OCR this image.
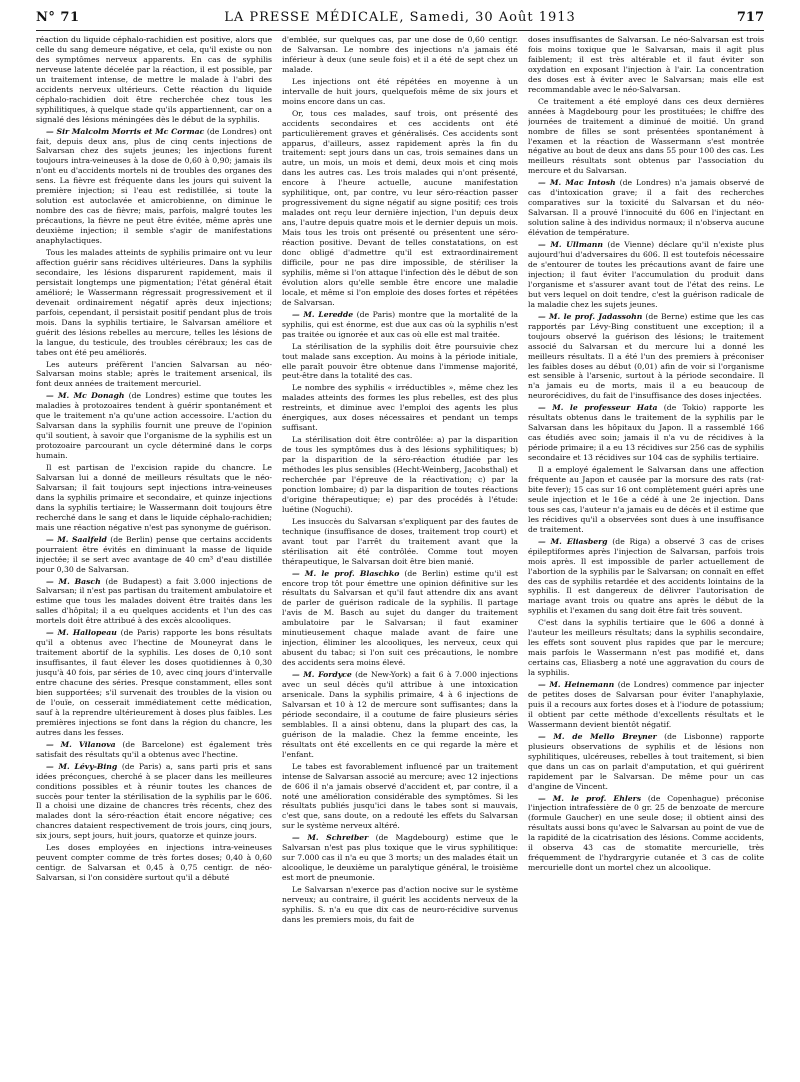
N° 71	LA PRESSE MÉDICALE, Samedi, 30 Août 1913	717

réaction du liquide céphalo-rachidien est positive, alors que celle du sang demeure négative, et cela, qu'il existe ou non des symptômes nerveux apparents. En cas de syphilis nerveuse latente décelée par la réaction, il est possible, par un traitement intense, de mettre le malade à l'abri des accidents nerveux ultérieurs. Cette réaction du liquide céphalo-rachidien doit être recherchée chez tous les syphilitiques, à quelque stade qu'ils appartiennent, car on a signalé des lésions méningées dès le début de la syphilis.

— Sir Malcolm Morris et Mc Cormac (de Londres) ont fait, depuis deux ans, plus de cinq cents injections de Salvarsan chez des sujets jeunes; les injections furent toujours intra-veineuses à la dose de 0,60 à 0,90; jamais ils n'ont eu d'accidents mortels ni de troubles des organes des sens. La fièvre est fréquente dans les jours qui suivent la première injection; si l'eau est redistillée, si toute la solution est autoclavée et amicrobienne, on diminue le nombre des cas de fièvre; mais, parfois, malgré toutes les précautions, la fièvre ne peut être évitée, même après une deuxième injection; il semble s'agir de manifestations anaphylactiques.

Tous les malades atteints de syphilis primaire ont vu leur affection guérir sans récidives ultérieures. Dans la syphilis secondaire, les lésions disparurent rapidement, mais il persistait longtemps une pigmentation; l'état général était amélioré; le Wassermann régressait progressivement et il devenait ordinairement négatif après deux injections; parfois, cependant, il persistait positif pendant plus de trois mois. Dans la syphilis tertiaire, le Salvarsan améliore et guérit des lésions rebelles au mercure, telles les lésions de la langue, du testicule, des troubles cérébraux; les cas de tabes ont été peu améliorés.

Les auteurs préfèrent l'ancien Salvarsan au néo-Salvarsan moins stable; après le traitement arsenical, ils font deux années de traitement mercuriel.

— M. Mc Donagh (de Londres) estime que toutes les maladies à protozoaires tendent à guérir spontanément et que le traitement n'a qu'une action accessoire. L'action du Salvarsan dans la syphilis fournit une preuve de l'opinion qu'il soutient, à savoir que l'organisme de la syphilis est un protozoaire parcourant un cycle déterminé dans le corps humain.

Il est partisan de l'excision rapide du chancre. Le Salvarsan lui a donné de meilleurs résultats que le néo-Salvarsan; il fait toujours sept injections intra-veineuses dans la syphilis primaire et secondaire, et quinze injections dans la syphilis tertiaire; le Wassermann doit toujours être recherché dans le sang et dans le liquide céphalo-rachidien; mais une réaction négative n'est pas synonyme de guérison.

— M. Saalfeld (de Berlin) pense que certains accidents pourraient être évités en diminuant la masse de liquide injectée; il se sert avec avantage de 40 cm³ d'eau distillée pour 0,30 de Salvarsan.

— M. Basch (de Budapest) a fait 3.000 injections de Salvarsan; il n'est pas partisan du traitement ambulatoire et estime que tous les malades doivent être traités dans les salles d'hôpital; il a eu quelques accidents et l'un des cas mortels doit être attribué à des excès alcooliques.

— M. Hallopeau (de Paris) rapporte les bons résultats qu'il a obtenus avec l'hectine de Mouneyrat dans le traitement abortif de la syphilis. Les doses de 0,10 sont insuffisantes, il faut élever les doses quotidiennes à 0,30 jusqu'à 40 fois, par séries de 10, avec cinq jours d'intervalle entre chacune des séries. Presque constamment, elles sont bien supportées; s'il survenait des troubles de la vision ou de l'ouïe, on cesserait immédiatement cette médication, sauf à la reprendre ultérieurement à doses plus faibles. Les premières injections se font dans la région du chancre, les autres dans les fesses.

— M. Vilanova (de Barcelone) est également très satisfait des résultats qu'il a obtenus avec l'hectine.

— M. Lévy-Bing (de Paris) a, sans parti pris et sans idées préconçues, cherché à se placer dans les meilleures conditions possibles et à réunir toutes les chances de succès pour tenter la stérilisation de la syphilis par le 606. Il a choisi une dizaine de chancres très récents, chez des malades dont la séro-réaction était encore négative; ces chancres dataient respectivement de trois jours, cinq jours, six jours, sept jours, huit jours, quatorze et quinze jours.

Les doses employées en injections intra-veineuses peuvent compter comme de très fortes doses; 0,40 à 0,60 centigr. de Salvarsan et 0,45 à 0,75 centigr. de néo-Salvarsan, si l'on considère surtout qu'il a débuté

d'emblée, sur quelques cas, par une dose de 0,60 centigr. de Salvarsan. Le nombre des injections n'a jamais été inférieur à deux (une seule fois) et il a été de sept chez un malade.

Les injections ont été répétées en moyenne à un intervalle de huit jours, quelquefois même de six jours et moins encore dans un cas.

Or, tous ces malades, sauf trois, ont présenté des accidents secondaires et ces accidents ont été particulièrement graves et généralisés. Ces accidents sont apparus, d'ailleurs, assez rapidement après la fin du traitement: sept jours dans un cas, trois semaines dans un autre, un mois, un mois et demi, deux mois et cinq mois dans les autres cas. Les trois malades qui n'ont présenté, encore à l'heure actuelle, aucune manifestation syphilitique, ont, par contre, vu leur séro-réaction passer progressivement du signe négatif au signe positif; ces trois malades ont reçu leur dernière injection, l'un depuis deux ans, l'autre depuis quatre mois et le dernier depuis un mois. Mais tous les trois ont présenté ou présentent une séro-réaction positive. Devant de telles constatations, on est donc obligé d'admettre qu'il est extraordinairement difficile, pour ne pas dire impossible, de stériliser la syphilis, même si l'on attaque l'infection dès le début de son évolution alors qu'elle semble être encore une maladie locale, et même si l'on emploie des doses fortes et répétées de Salvarsan.

— M. Leredde (de Paris) montre que la mortalité de la syphilis, qui est énorme, est due aux cas où la syphilis n'est pas traitée ou ignorée et aux cas où elle est mal traitée.

La stérilisation de la syphilis doit être poursuivie chez tout malade sans exception. Au moins à la période initiale, elle paraît pouvoir être obtenue dans l'immense majorité, peut-être dans la totalité des cas.

Le nombre des syphilis « irréductibles », même chez les malades atteints des formes les plus rebelles, est des plus restreints, et diminue avec l'emploi des agents les plus énergiques, aux doses nécessaires et pendant un temps suffisant.

La stérilisation doit être contrôlée: a) par la disparition de tous les symptômes dus à des lésions syphilitiques; b) par la disparition de la séro-réaction étudiée par les méthodes les plus sensibles (Hecht-Weinberg, Jacobsthal) et recherchée par l'épreuve de la réactivation; c) par la ponction lombaire; d) par la disparition de toutes réactions d'origine thérapeutique; e) par des procédés à l'étude: luétine (Noguchi).

Les insuccès du Salvarsan s'expliquent par des fautes de technique (insuffisance de doses, traitement trop court) et avant tout par l'arrêt du traitement avant que la stérilisation ait été contrôlée. Comme tout moyen thérapeutique, le Salvarsan doit être bien manié.

— M. le prof. Blaschko (de Berlin) estime qu'il est encore trop tôt pour émettre une opinion définitive sur les résultats du Salvarsan et qu'il faut attendre dix ans avant de parler de guérison radicale de la syphilis. Il partage l'avis de M. Basch au sujet du danger du traitement ambulatoire par le Salvarsan; il faut examiner minutieusement chaque malade avant de faire une injection, éliminer les alcooliques, les nerveux, ceux qui abusent du tabac; si l'on suit ces précautions, le nombre des accidents sera moins élevé.

— M. Fordyce (de New-York) a fait 6 à 7.000 injections avec un seul décès qu'il attribue à une intoxication arsenicale. Dans la syphilis primaire, 4 à 6 injections de Salvarsan et 10 à 12 de mercure sont suffisantes; dans la période secondaire, il a coutume de faire plusieurs séries semblables. Il a ainsi obtenu, dans la plupart des cas, la guérison de la maladie. Chez la femme enceinte, les résultats ont été excellents en ce qui regarde la mère et l'enfant.

Le tabes est favorablement influencé par un traitement intense de Salvarsan associé au mercure; avec 12 injections de 606 il n'a jamais observé d'accident et, par contre, il a noté une amélioration considérable des symptômes. Si les résultats publiés jusqu'ici dans le tabes sont si mauvais, c'est que, sans doute, on a redouté les effets du Salvarsan sur le système nerveux altéré.

— M. Schreiber (de Magdebourg) estime que le Salvarsan n'est pas plus toxique que le virus syphilitique: sur 7.000 cas il n'a eu que 3 morts; un des malades était un alcoolique, le deuxième un paralytique général, le troisième est mort de pneumonie.

Le Salvarsan n'exerce pas d'action nocive sur le système nerveux; au contraire, il guérit les accidents nerveux de la syphilis. S. n'a eu que dix cas de neuro-récidive survenus dans les premiers mois, du fait de

doses insuffisantes de Salvarsan. Le néo-Salvarsan est trois fois moins toxique que le Salvarsan, mais il agit plus faiblement; il est très altérable et il faut éviter son oxydation en exposant l'injection à l'air. La concentration des doses est à éviter avec le Salvarsan; mais elle est recommandable avec le néo-Salvarsan.

Ce traitement a été employé dans ces deux dernières années à Magdebourg pour les prostituées; le chiffre des journées de traitement a diminué de moitié. Un grand nombre de filles se sont présentées spontanément à l'examen et la réaction de Wassermann s'est montrée négative au bout de deux ans dans 55 pour 100 des cas. Les meilleurs résultats sont obtenus par l'association du mercure et du Salvarsan.

— M. Mac Intosh (de Londres) n'a jamais observé de cas d'intoxication grave; il a fait des recherches comparatives sur la toxicité du Salvarsan et du néo-Salvarsan. Il a prouvé l'innocuité du 606 en l'injectant en solution saline à des individus normaux; il n'observa aucune élévation de température.

— M. Ullmann (de Vienne) déclare qu'il n'existe plus aujourd'hui d'adversaires du 606. Il est toutefois nécessaire de s'entourer de toutes les précautions avant de faire une injection; il faut éviter l'accumulation du produit dans l'organisme et s'assurer avant tout de l'état des reins. Le but vers lequel on doit tendre, c'est la guérison radicale de la maladie chez les sujets jeunes.

— M. le prof. Jadassohn (de Berne) estime que les cas rapportés par Lévy-Bing constituent une exception; il a toujours observé la guérison des lésions; le traitement associé du Salvarsan et du mercure lui a donné les meilleurs résultats. Il a été l'un des premiers à préconiser les faibles doses au début (0,01) afin de voir si l'organisme est sensible à l'arsenic, surtout à la période secondaire. Il n'a jamais eu de morts, mais il a eu beaucoup de neurorécidives, du fait de l'insuffisance des doses injectées.

— M. le professeur Hata (de Tokio) rapporte les résultats obtenus dans le traitement de la syphilis par le Salvarsan dans les hôpitaux du Japon. Il a rassemblé 166 cas étudiés avec soin; jamais il n'a vu de récidives à la période primaire; il a eu 13 récidives sur 256 cas de syphilis secondaire et 13 récidives sur 104 cas de syphilis tertiaire.

Il a employé également le Salvarsan dans une affection fréquente au Japon et causée par la morsure des rats (rat-bite fever); 15 cas sur 16 ont complètement guéri après une seule injection et le 16e a cédé à une 2e injection. Dans tous ses cas, l'auteur n'a jamais eu de décès et il estime que les récidives qu'il a observées sont dues à une insuffisance de traitement.

— M. Eliasberg (de Riga) a observé 3 cas de crises épileptiformes après l'injection de Salvarsan, parfois trois mois après. Il est impossible de parler actuellement de l'abortion de la syphilis par le Salvarsan; on connaît en effet des cas de syphilis retardée et des accidents lointains de la syphilis. Il est dangereux de délivrer l'autorisation de mariage avant trois ou quatre ans après le début de la syphilis et l'examen du sang doit être fait très souvent.

C'est dans la syphilis tertiaire que le 606 a donné à l'auteur les meilleurs résultats; dans la syphilis secondaire, les effets sont souvent plus rapides que par le mercure; mais parfois le Wassermann n'est pas modifié et, dans certains cas, Eliasberg a noté une aggravation du cours de la syphilis.

— M. Heinemann (de Londres) commence par injecter de petites doses de Salvarsan pour éviter l'anaphylaxie, puis il a recours aux fortes doses et à l'iodure de potassium; il obtient par cette méthode d'excellents résultats et le Wassermann devient bientôt négatif.

— M. de Mello Breyner (de Lisbonne) rapporte plusieurs observations de syphilis et de lésions non syphilitiques, ulcéreuses, rebelles à tout traitement, si bien que dans un cas on parlait d'amputation, et qui guérirent rapidement par le Salvarsan. De même pour un cas d'angine de Vincent.

— M. le prof. Ehlers (de Copenhague) préconise l'injection intrafessière de 0 gr. 25 de benzoate de mercure (formule Gaucher) en une seule dose; il obtient ainsi des résultats aussi bons qu'avec le Salvarsan au point de vue de la rapidité de la cicatrisation des lésions. Comme accidents, il observa 43 cas de stomatite mercurielle, très fréquemment de l'hydrargyrie cutanée et 3 cas de colite mercurielle dont un mortel chez un alcoolique.
